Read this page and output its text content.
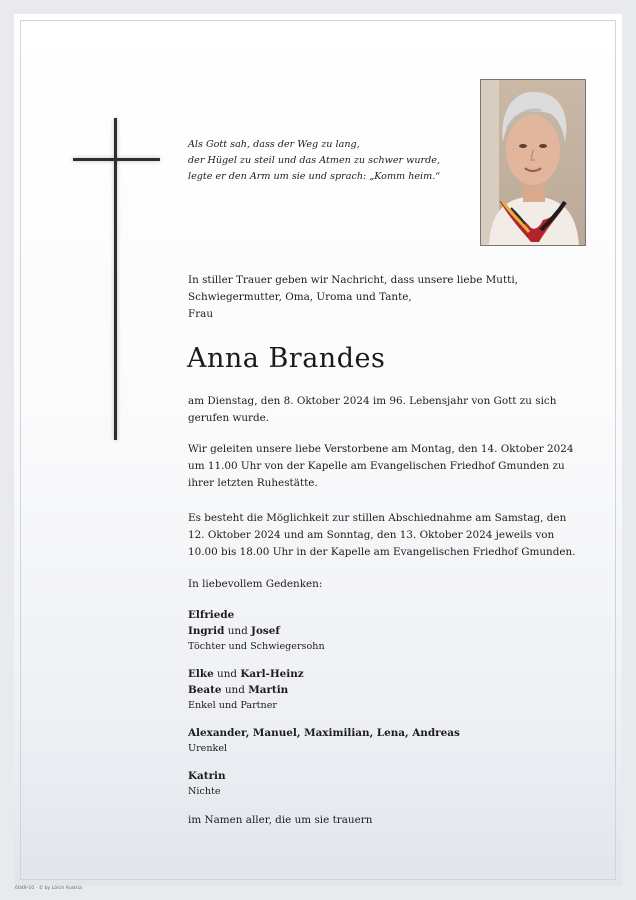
Als Gott sah, dass der Weg zu lang,
der Hügel zu steil und das Atmen zu schwer wurde,
legte er den Arm um sie und sprach: „Komm heim.“

In stiller Trauer geben wir Nachricht, dass unsere liebe Mutti,

Schwiegermutter, Oma, Uroma und Tante,

Frau

Anna Brandes

am Dienstag, den 8. Oktober 2024 im 96. Lebensjahr von Gott zu sich

gerufen wurde.

Wir geleiten unsere liebe Verstorbene am Montag, den 14. Oktober 2024

um 11.00 Uhr von der Kapelle am Evangelischen Friedhof Gmunden zu

ihrer letzten Ruhestätte.

Es besteht die Möglichkeit zur stillen Abschiednahme am Samstag, den

12. Oktober 2024 und am Sonntag, den 13. Oktober 2024 jeweils von

10.00 bis 18.00 Uhr in der Kapelle am Evangelischen Friedhof Gmunden.

In liebevollem Gedenken:
Elfriede
Ingrid und Josef
Töchter und Schwiegersohn
Elke und Karl-Heinz
Beate und Martin
Enkel und Partner
Alexander, Manuel, Maximilian, Lena, Andreas
Urenkel
Katrin
Nichte
im Namen aller, die um sie trauern
6049-10 · © by Lörch Austria
